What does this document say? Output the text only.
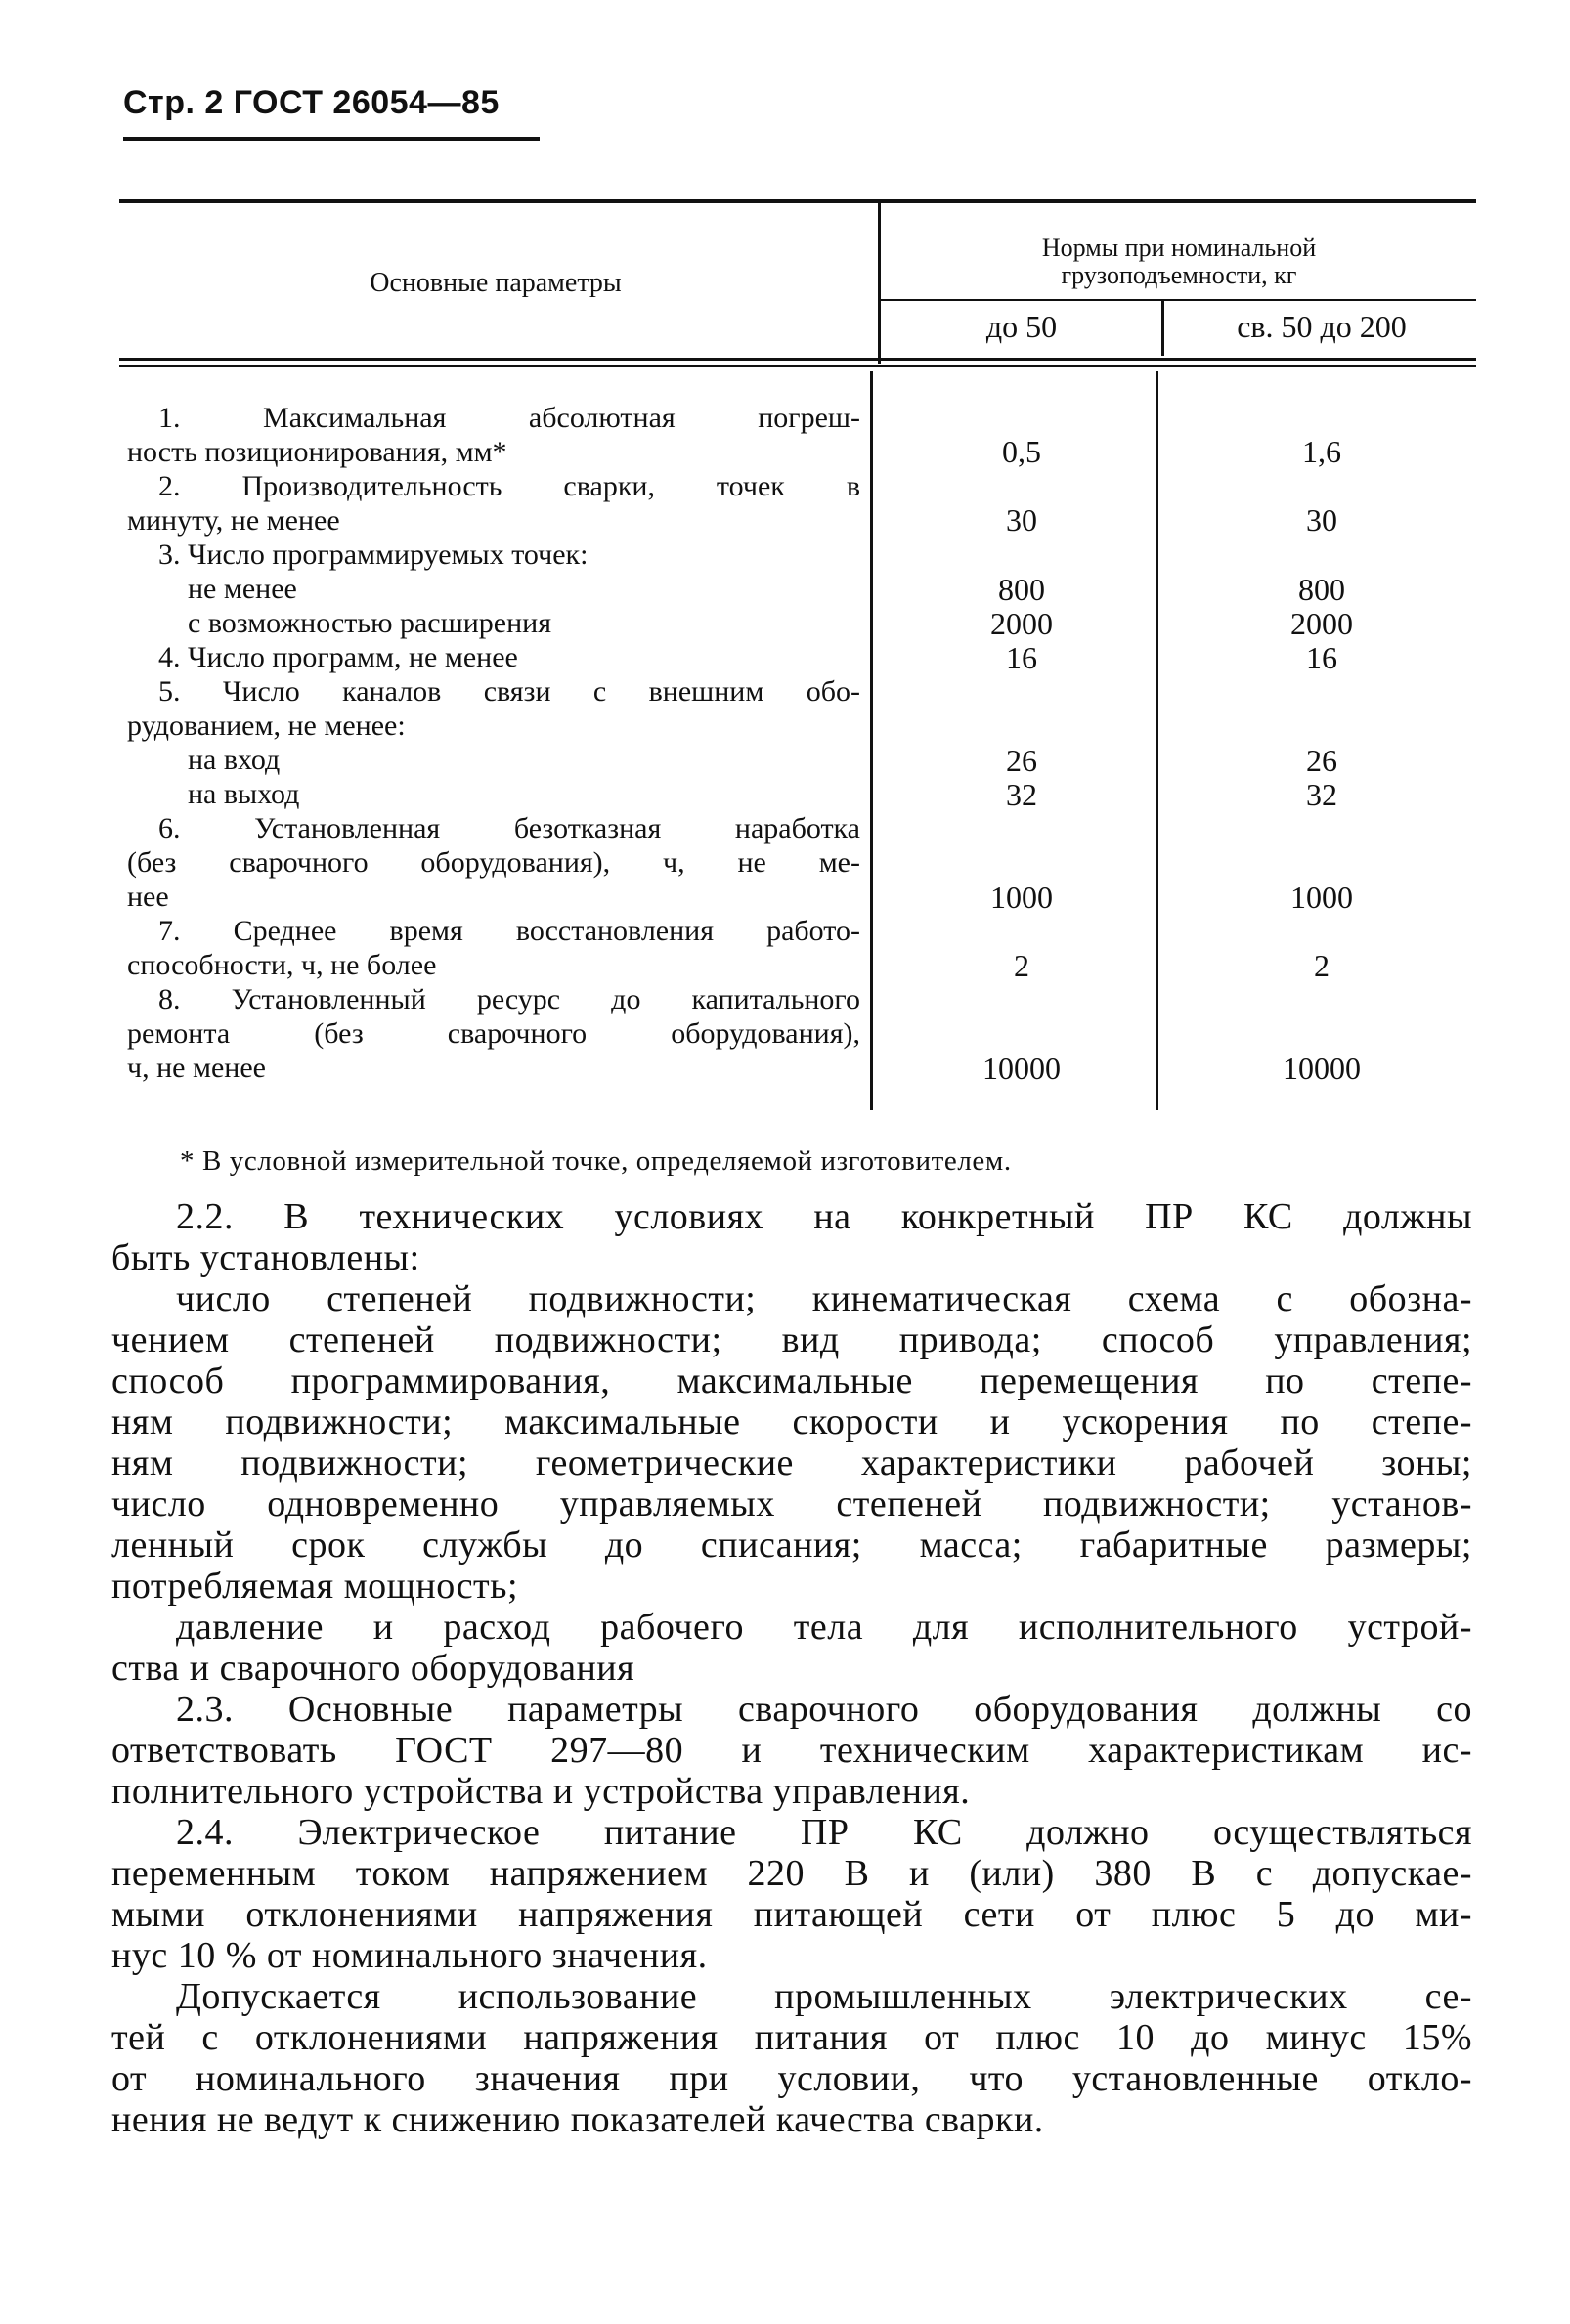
Стр. 2 ГОСТ 26054—85
Основные параметры
Нормы при номинальной
грузоподъемности, кг
до 50	св. 50 до 200
1. Максимальная абсолютная погреш-
ность позиционирования, мм*	0,5	1,6
2. Производительность сварки, точек в
минуту, не менее	30	30
3. Число программируемых точек:
не менее	800	800
с возможностью расширения	2000	2000
4. Число программ, не менее	16	16
5. Число каналов связи с внешним обо-
рудованием, не менее:
на вход	26	26
на выход	32	32
6. Установленная безотказная наработка
(без сварочного оборудования), ч, не ме-
нее	1000	1000
7. Среднее время восстановления работо-
способности, ч, не более	2	2
8. Установленный ресурс до капитального
ремонта (без сварочного оборудования),
ч, не менее	10000	10000
* В условной измерительной точке, определяемой изготовителем.

2.2. В технических условиях на конкретный ПР КС должны
быть установлены:

число степеней подвижности; кинематическая схема с обозна-
чением степеней подвижности; вид привода; способ управления;
способ программирования, максимальные перемещения по степе-
ням подвижности; максимальные скорости и ускорения по степе-
ням подвижности; геометрические характеристики рабочей зоны;
число одновременно управляемых степеней подвижности; установ-
ленный срок службы до списания; масса; габаритные размеры;
потребляемая мощность;

давление и расход рабочего тела для исполнительного устрой-
ства и сварочного оборудования

2.3. Основные параметры сварочного оборудования должны со
ответствовать ГОСТ 297—80 и техническим характеристикам ис-
полнительного устройства и устройства управления.

2.4. Электрическое питание ПР КС должно осуществляться
переменным током напряжением 220 В и (или) 380 В с допускае-
мыми отклонениями напряжения питающей сети от плюс 5 до ми-
нус 10 % от номинального значения.

Допускается использование промышленных электрических се-
тей с отклонениями напряжения питания от плюс 10 до минус 15%
от номинального значения при условии, что установленные откло-
нения не ведут к снижению показателей качества сварки.
